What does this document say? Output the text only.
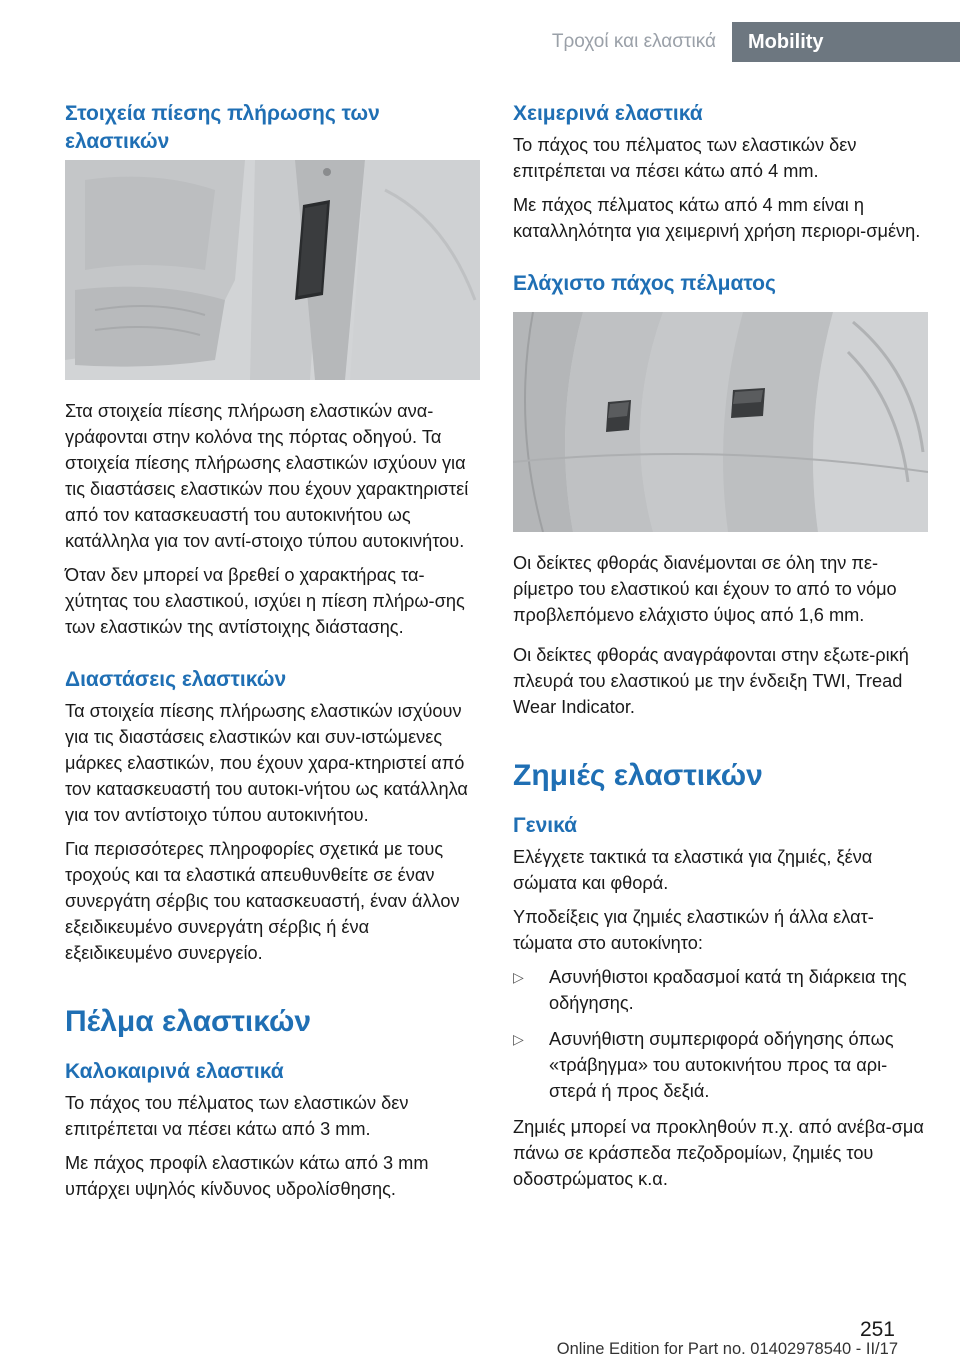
Τροχοί και ελαστικά	Mobility
Στοιχεία πίεσης πλήρωσης των ελαστικών

Στα στοιχεία πίεσης πλήρωση ελαστικών ανα-γράφονται στην κολόνα της πόρτας οδηγού. Τα στοιχεία πίεσης πλήρωσης ελαστικών ισχύουν για τις διαστάσεις ελαστικών που έχουν χαρακτηριστεί από τον κατασκευαστή του αυτοκινήτου ως κατάλληλα για τον αντί-στοιχο τύπου αυτοκινήτου.

Όταν δεν μπορεί να βρεθεί ο χαρακτήρας τα-χύτητας του ελαστικού, ισχύει η πίεση πλήρω-σης των ελαστικών της αντίστοιχης διάστασης.

Διαστάσεις ελαστικών

Τα στοιχεία πίεσης πλήρωσης ελαστικών ισχύουν για τις διαστάσεις ελαστικών και συν-ιστώμενες μάρκες ελαστικών, που έχουν χαρα-κτηριστεί από τον κατασκευαστή του αυτοκι-νήτου ως κατάλληλα για τον αντίστοιχο τύπου αυτοκινήτου.

Για περισσότερες πληροφορίες σχετικά με τους τροχούς και τα ελαστικά απευθυνθείτε σε έναν συνεργάτη σέρβις του κατασκευαστή, έναν άλλον εξειδικευμένο συνεργάτη σέρβις ή ένα εξειδικευμένο συνεργείο.

Πέλμα ελαστικών
Καλοκαιρινά ελαστικά

Το πάχος του πέλματος των ελαστικών δεν επιτρέπεται να πέσει κάτω από 3 mm.

Με πάχος προφίλ ελαστικών κάτω από 3 mm υπάρχει υψηλός κίνδυνος υδρολίσθησης.

Χειμερινά ελαστικά

Το πάχος του πέλματος των ελαστικών δεν επιτρέπεται να πέσει κάτω από 4 mm.

Με πάχος πέλματος κάτω από 4 mm είναι η καταλληλότητα για χειμερινή χρήση περιορι-σμένη.

Ελάχιστο πάχος πέλματος

Οι δείκτες φθοράς διανέμονται σε όλη την πε-ρίμετρο του ελαστικού και έχουν το από το νόμο προβλεπόμενο ελάχιστο ύψος από 1,6 mm.

Οι δείκτες φθοράς αναγράφονται στην εξωτε-ρική πλευρά του ελαστικού με την ένδειξη TWI, Tread Wear Indicator.

Ζημιές ελαστικών
Γενικά

Ελέγχετε τακτικά τα ελαστικά για ζημιές, ξένα σώματα και φθορά.

Υποδείξεις για ζημιές ελαστικών ή άλλα ελατ-τώματα στο αυτοκίνητο:

▷ Ασυνήθιστοι κραδασμοί κατά τη διάρκεια της οδήγησης.
▷ Ασυνήθιστη συμπεριφορά οδήγησης όπως «τράβηγμα» του αυτοκινήτου προς τα αρι-στερά ή προς δεξιά.

Ζημιές μπορεί να προκληθούν π.χ. από ανέβα-σμα πάνω σε κράσπεδα πεζοδρομίων, ζημιές του οδοστρώματος κ.α.

251
Online Edition for Part no. 01402978540 - II/17
